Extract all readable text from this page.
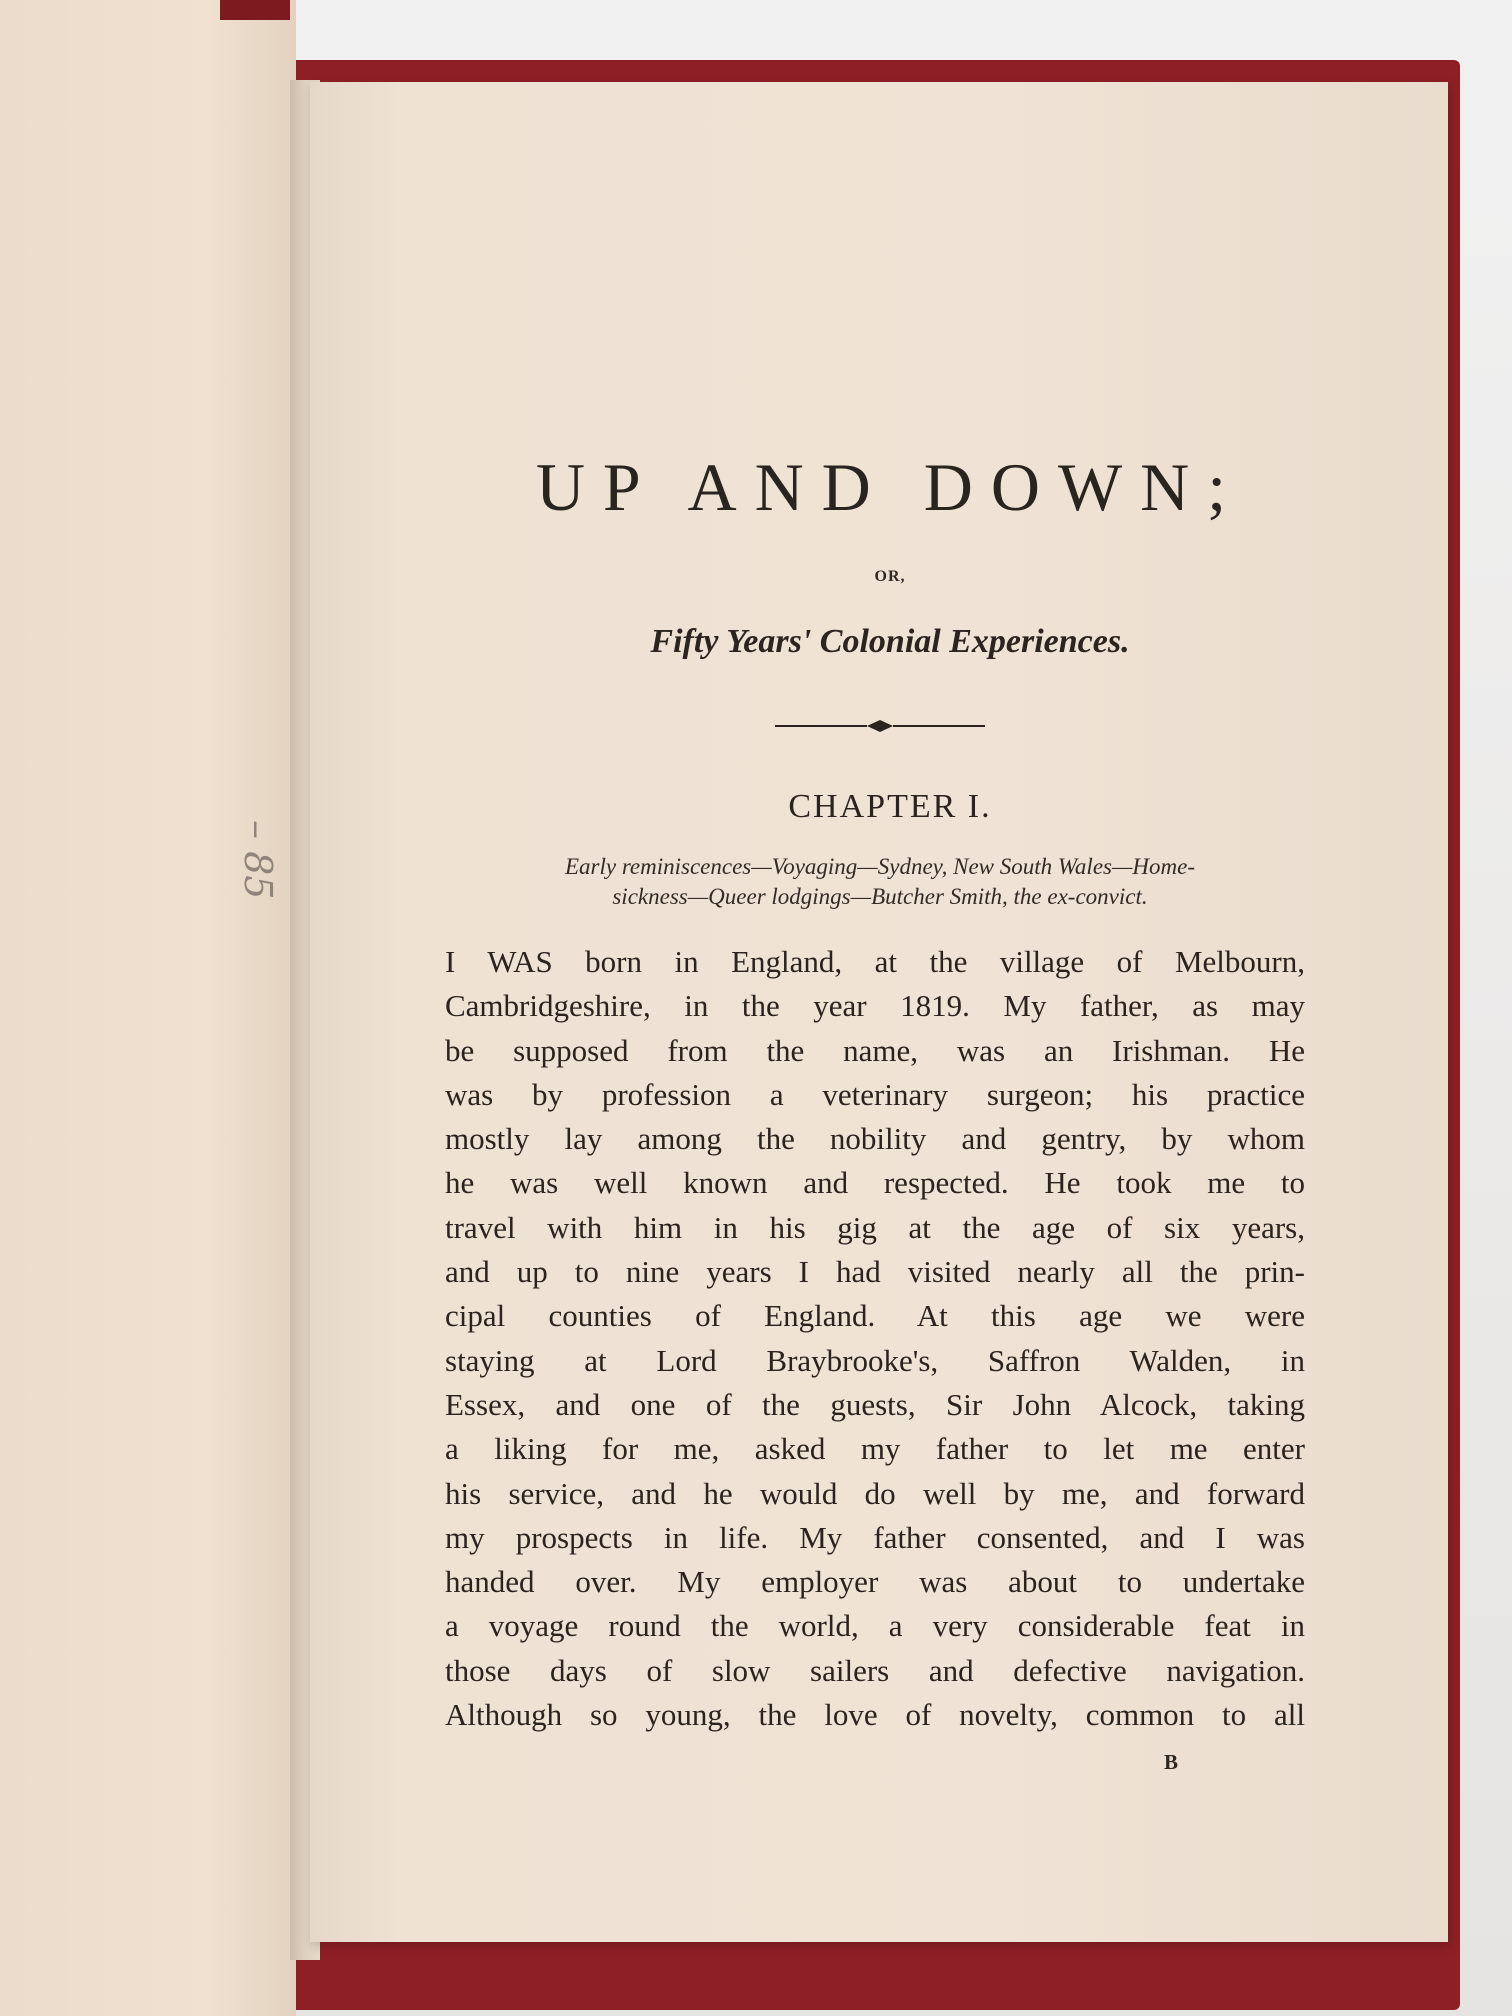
– 85
UP AND DOWN;
OR,
Fifty Years' Colonial Experiences.
CHAPTER I.
Early reminiscences—Voyaging—Sydney, New South Wales—Home-
sickness—Queer lodgings—Butcher Smith, the ex-convict.
I WAS born in England, at the village of Melbourn,
Cambridgeshire, in the year 1819. My father, as may
be supposed from the name, was an Irishman. He
was by profession a veterinary surgeon; his practice
mostly lay among the nobility and gentry, by whom
he was well known and respected. He took me to
travel with him in his gig at the age of six years,
and up to nine years I had visited nearly all the prin-
cipal counties of England. At this age we were
staying at Lord Braybrooke's, Saffron Walden, in
Essex, and one of the guests, Sir John Alcock, taking
a liking for me, asked my father to let me enter
his service, and he would do well by me, and forward
my prospects in life. My father consented, and I was
handed over. My employer was about to undertake
a voyage round the world, a very considerable feat in
those days of slow sailers and defective navigation.
Although so young, the love of novelty, common to all
B
